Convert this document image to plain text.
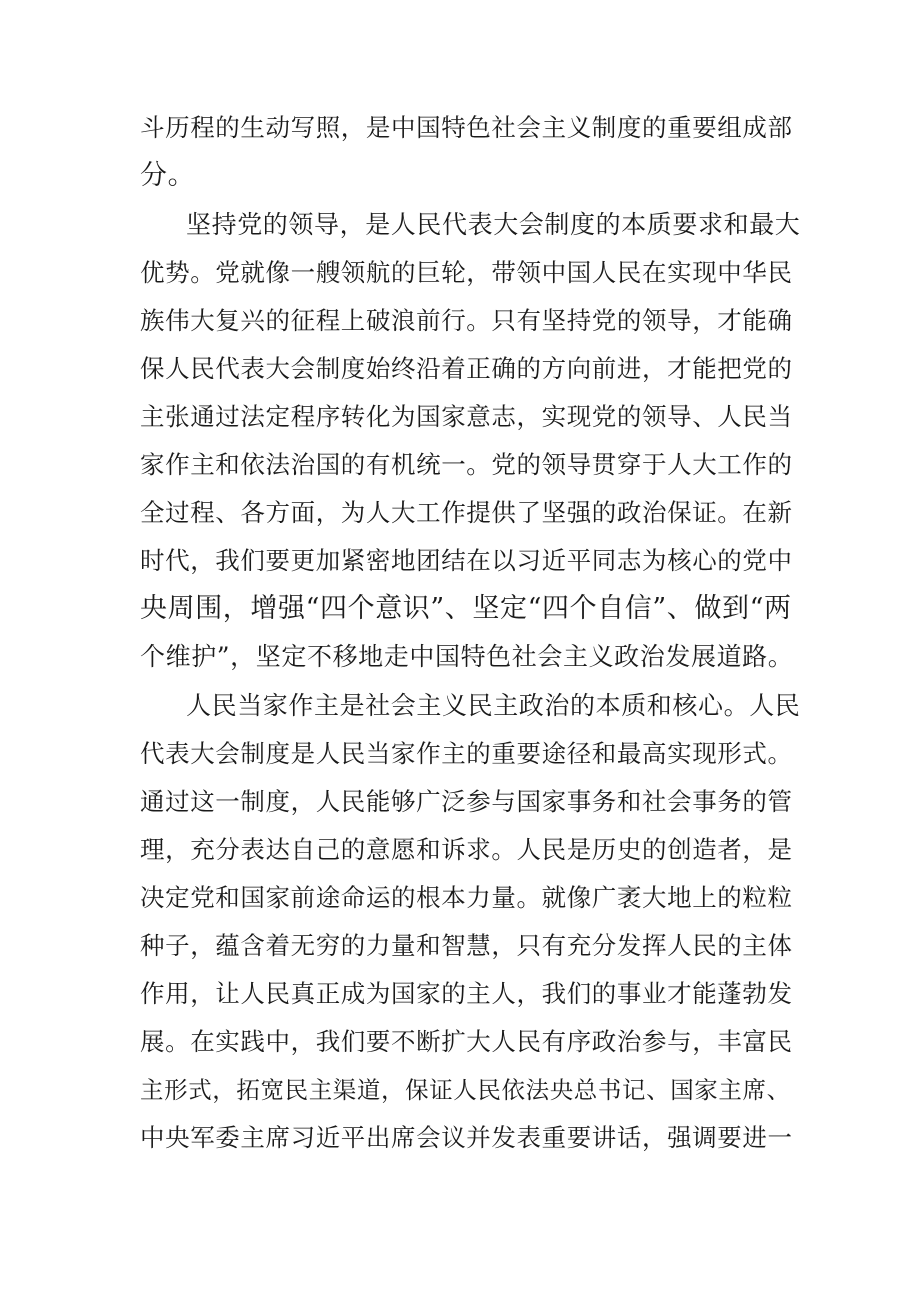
斗历程的生动写照，是中国特色社会主义制度的重要组成部
分。
坚持党的领导，是人民代表大会制度的本质要求和最大
优势。党就像一艘领航的巨轮，带领中国人民在实现中华民
族伟大复兴的征程上破浪前行。只有坚持党的领导，才能确
保人民代表大会制度始终沿着正确的方向前进，才能把党的
主张通过法定程序转化为国家意志，实现党的领导、人民当
家作主和依法治国的有机统一。党的领导贯穿于人大工作的
全过程、各方面，为人大工作提供了坚强的政治保证。在新
时代，我们要更加紧密地团结在以习近平同志为核心的党中
央周围，增强“四个意识”、坚定“四个自信”、做到“两
个维护”，坚定不移地走中国特色社会主义政治发展道路。
人民当家作主是社会主义民主政治的本质和核心。人民
代表大会制度是人民当家作主的重要途径和最高实现形式。
通过这一制度，人民能够广泛参与国家事务和社会事务的管
理，充分表达自己的意愿和诉求。人民是历史的创造者，是
决定党和国家前途命运的根本力量。就像广袤大地上的粒粒
种子，蕴含着无穷的力量和智慧，只有充分发挥人民的主体
作用，让人民真正成为国家的主人，我们的事业才能蓬勃发
展。在实践中，我们要不断扩大人民有序政治参与，丰富民
主形式，拓宽民主渠道，保证人民依法央总书记、国家主席、
中央军委主席习近平出席会议并发表重要讲话，强调要进一
